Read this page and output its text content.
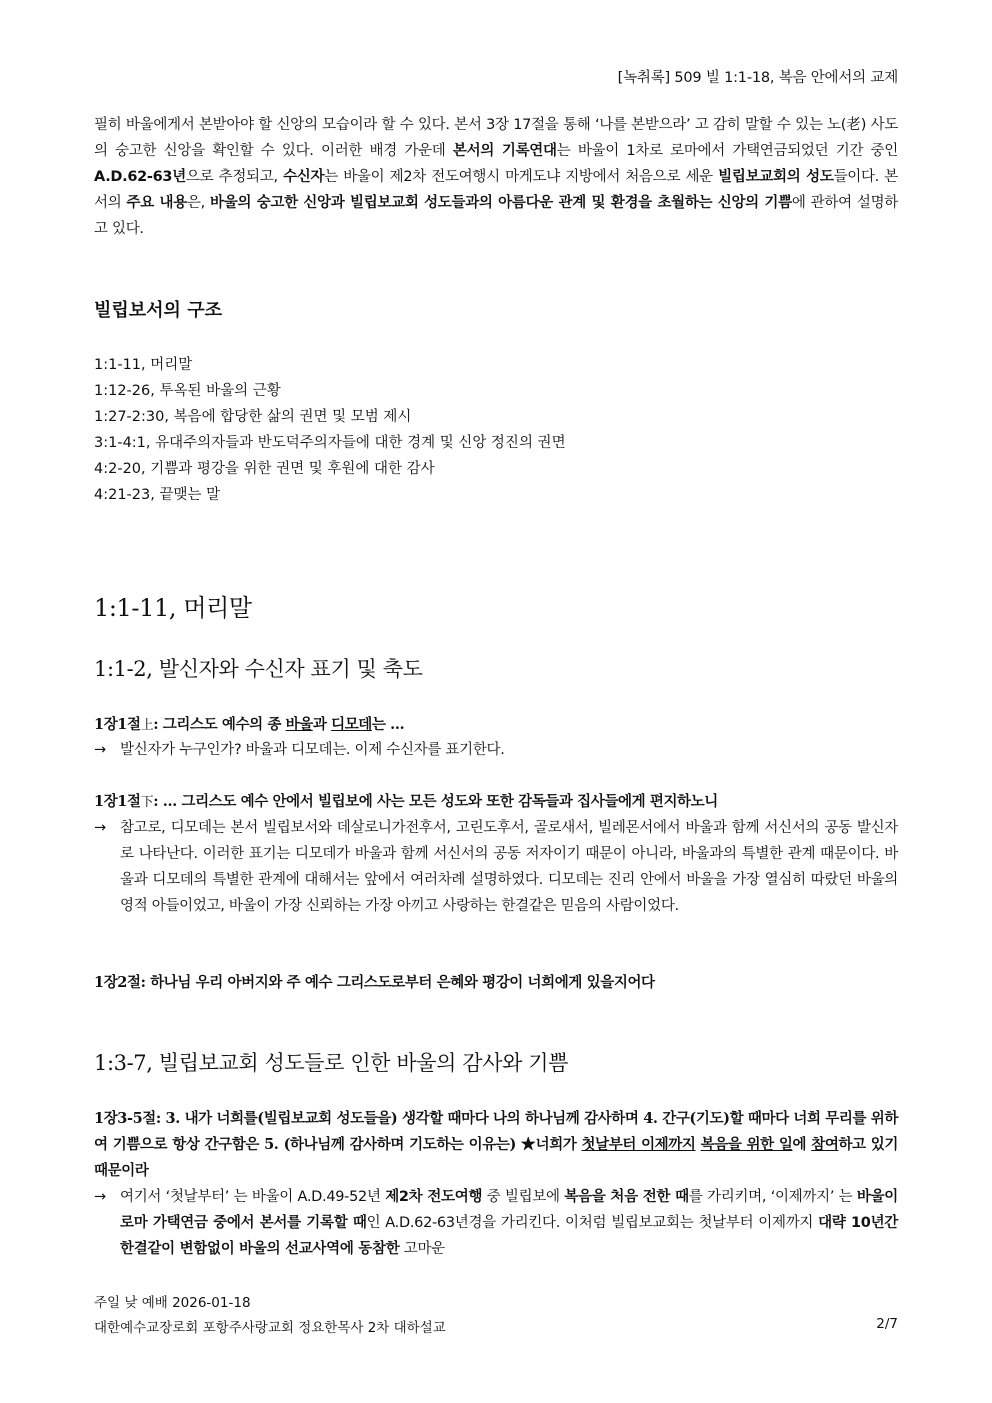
[녹취록] 509 빌 1:1-18, 복음 안에서의 교제
필히 바울에게서 본받아야 할 신앙의 모습이라 할 수 있다. 본서 3장 17절을 통해 ‘나를 본받으라’ 고 감히 말할 수 있는 노(老) 사도의 숭고한 신앙을 확인할 수 있다. 이러한 배경 가운데 본서의 기록연대는 바울이 1차로 로마에서 가택연금되었던 기간 중인 A.D.62-63년으로 추정되고, 수신자는 바울이 제2차 전도여행시 마게도냐 지방에서 처음으로 세운 빌립보교회의 성도들이다. 본서의 주요 내용은, 바울의 숭고한 신앙과 빌립보교회 성도들과의 아름다운 관계 및 환경을 초월하는 신앙의 기쁨에 관하여 설명하고 있다.
빌립보서의 구조
1:1-11, 머리말
1:12-26, 투옥된 바울의 근황
1:27-2:30, 복음에 합당한 삶의 권면 및 모범 제시
3:1-4:1, 유대주의자들과 반도덕주의자들에 대한 경계 및 신앙 정진의 권면
4:2-20, 기쁨과 평강을 위한 권면 및 후원에 대한 감사
4:21-23, 끝맺는 말
1:1-11, 머리말
1:1-2, 발신자와 수신자 표기 및 축도
1장1절上: 그리스도 예수의 종 바울과 디모데는 …
→ 발신자가 누구인가? 바울과 디모데는. 이제 수신자를 표기한다.
1장1절下: … 그리스도 예수 안에서 빌립보에 사는 모든 성도와 또한 감독들과 집사들에게 편지하노니
→ 참고로, 디모데는 본서 빌립보서와 데살로니가전후서, 고린도후서, 골로새서, 빌레몬서에서 바울과 함께 서신서의 공동 발신자로 나타난다. 이러한 표기는 디모데가 바울과 함께 서신서의 공동 저자이기 때문이 아니라, 바울과의 특별한 관계 때문이다. 바울과 디모데의 특별한 관계에 대해서는 앞에서 여러차례 설명하였다. 디모데는 진리 안에서 바울을 가장 열심히 따랐던 바울의 영적 아들이었고, 바울이 가장 신뢰하는 가장 아끼고 사랑하는 한결같은 믿음의 사람이었다.
1장2절: 하나님 우리 아버지와 주 예수 그리스도로부터 은혜와 평강이 너희에게 있을지어다
1:3-7, 빌립보교회 성도들로 인한 바울의 감사와 기쁨
1장3-5절: 3. 내가 너희를(빌립보교회 성도들을) 생각할 때마다 나의 하나님께 감사하며 4. 간구(기도)할 때마다 너희 무리를 위하여 기쁨으로 항상 간구함은 5. (하나님께 감사하며 기도하는 이유는) ★너희가 첫날부터 이제까지 복음을 위한 일에 참여하고 있기 때문이라
→ 여기서 ‘첫날부터’ 는 바울이 A.D.49-52년 제2차 전도여행 중 빌립보에 복음을 처음 전한 때를 가리키며, ‘이제까지’ 는 바울이 로마 가택연금 중에서 본서를 기록할 때인 A.D.62-63년경을 가리킨다. 이처럼 빌립보교회는 첫날부터 이제까지 대략 10년간 한결같이 변함없이 바울의 선교사역에 동참한 고마운
주일 낮 예배 2026-01-18
대한예수교장로회 포항주사랑교회 정요한목사 2차 대하설교	2/7
